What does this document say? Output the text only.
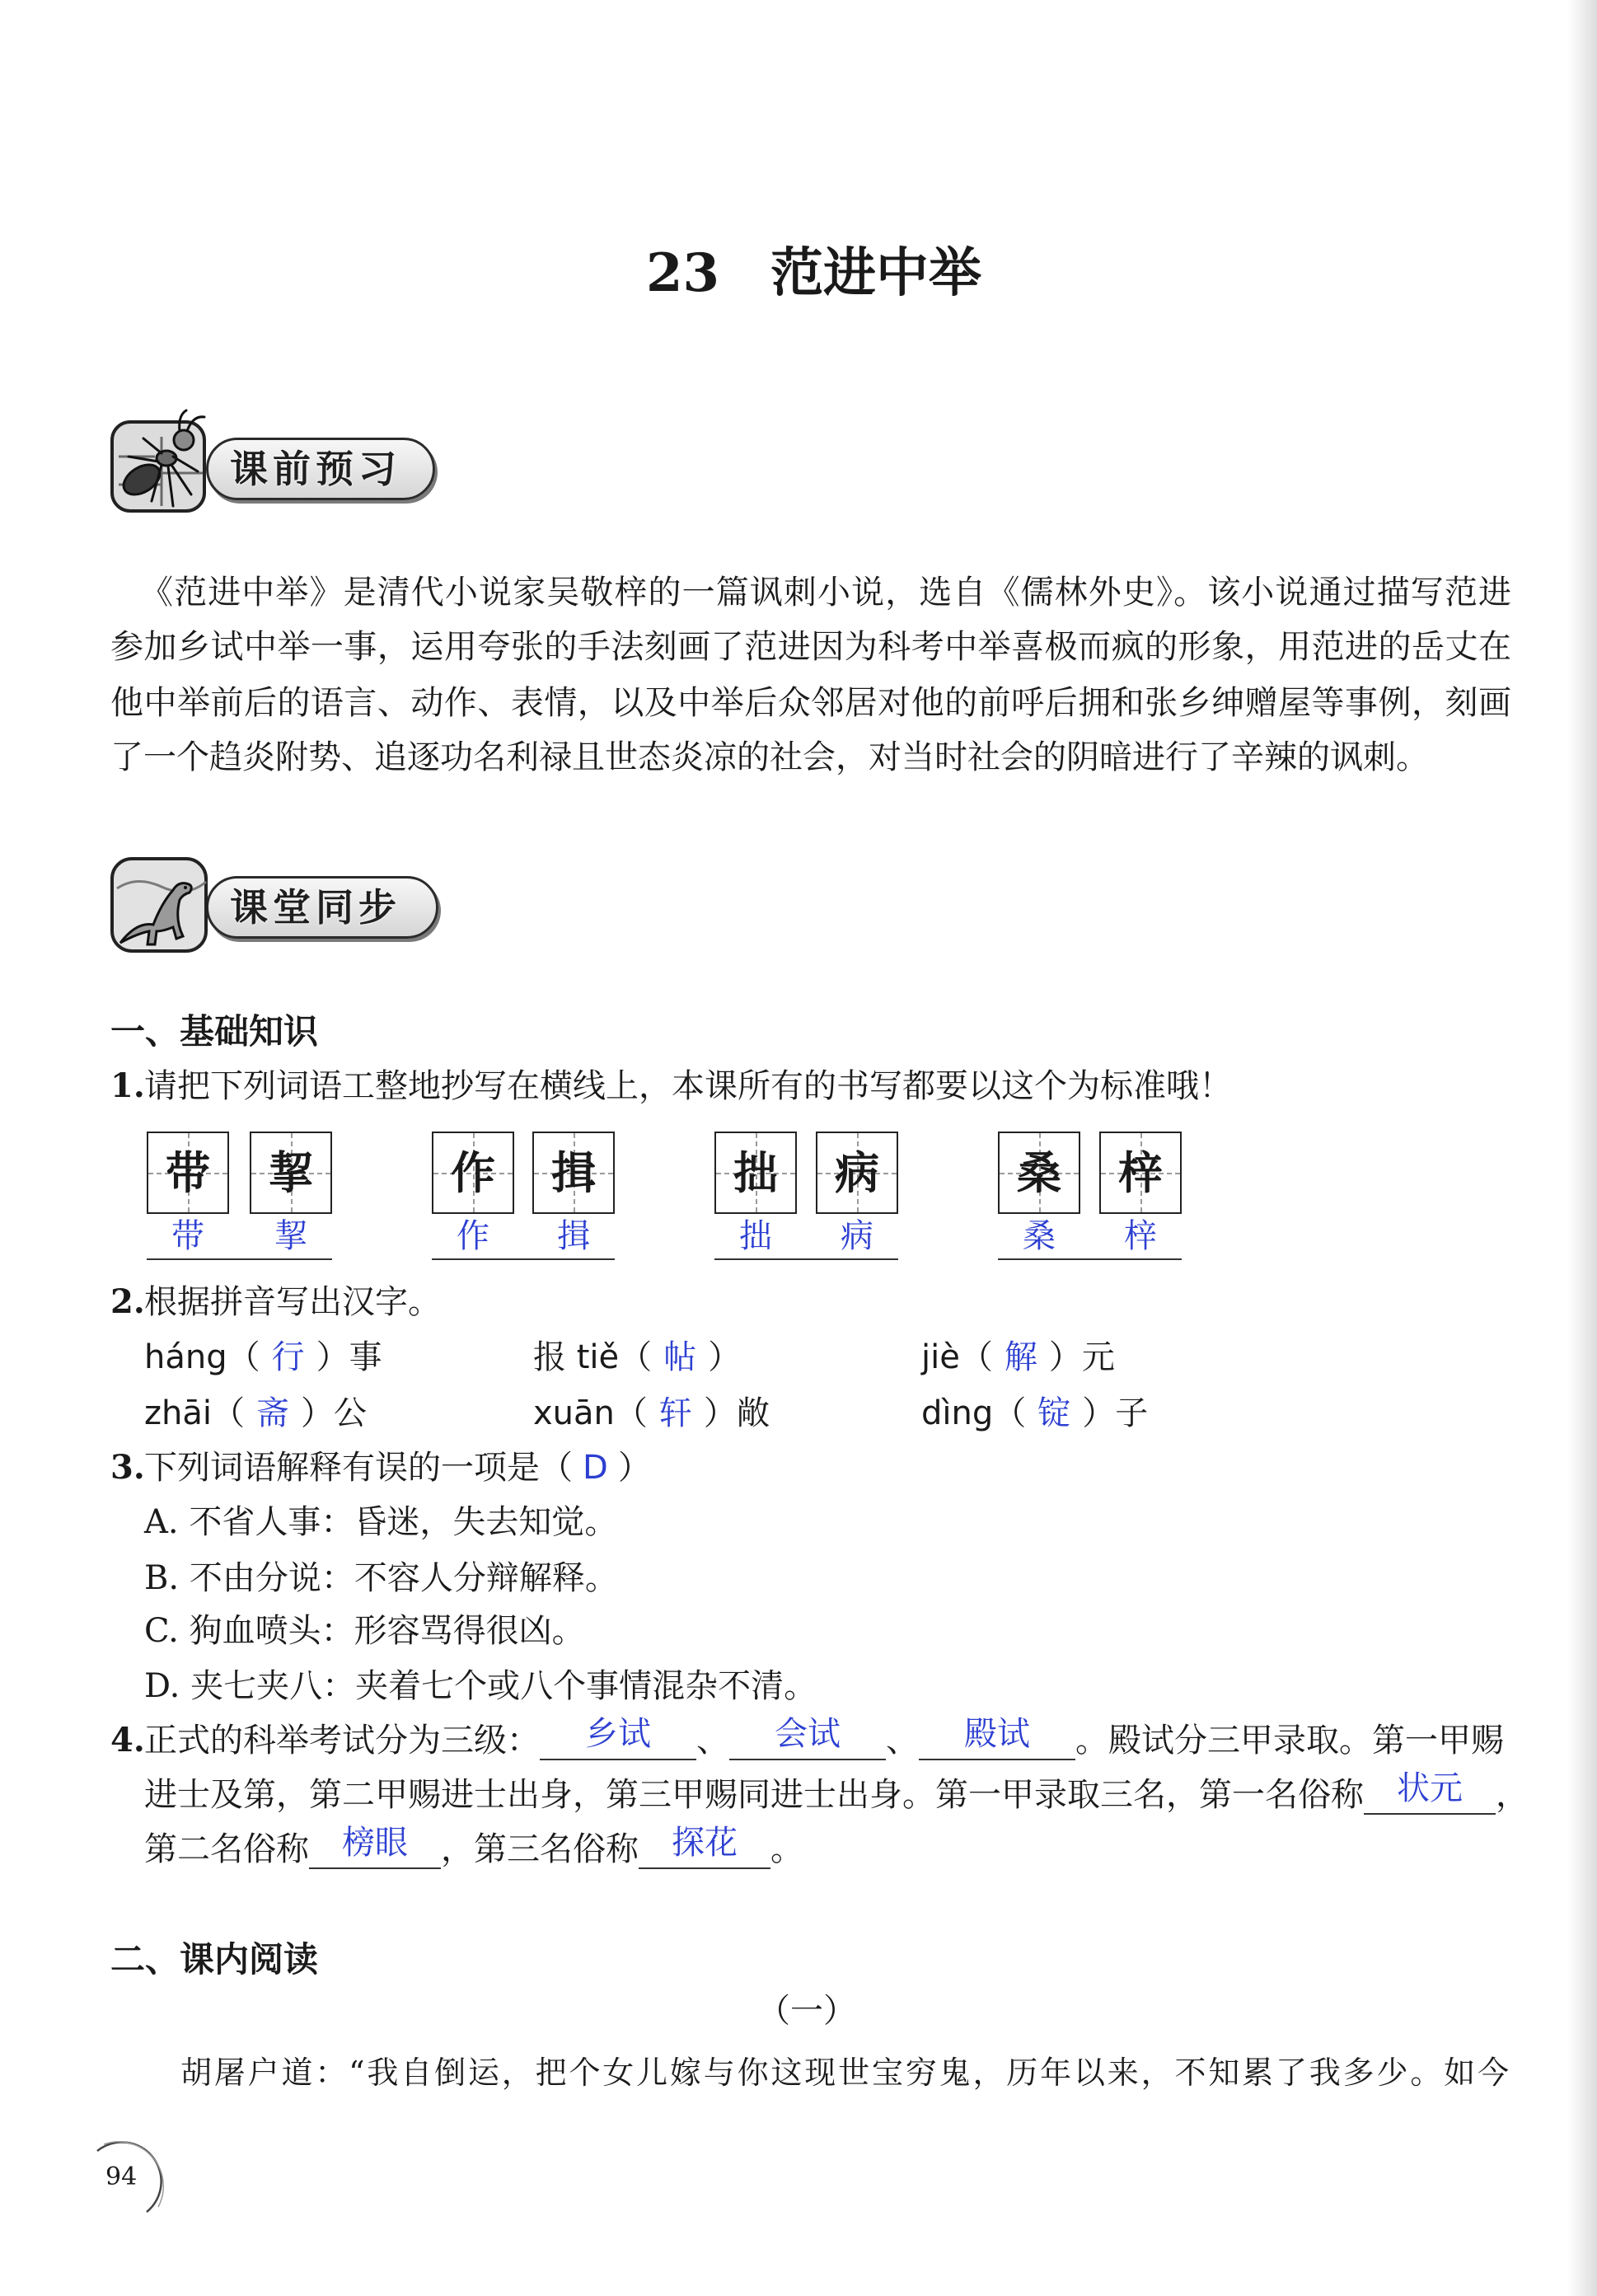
23 范进中举
课前预习
《范进中举》是清代小说家吴敬梓的一篇讽刺小说，选自《儒林外史》。该小说通过描写范进
参加乡试中举一事，运用夸张的手法刻画了范进因为科考中举喜极而疯的形象，用范进的岳丈在
他中举前后的语言、动作、表情，以及中举后众邻居对他的前呼后拥和张乡绅赠屋等事例，刻画
了一个趋炎附势、追逐功名利禄且世态炎凉的社会，对当时社会的阴暗进行了辛辣的讽刺。
课堂同步
一、基础知识
1.请把下列词语工整地抄写在横线上，本课所有的书写都要以这个为标准哦！
带	挈	作	揖	拙	病	桑	梓
带	挈	作	揖	拙	病	桑	梓
2.根据拼音写出汉字。
háng（ 行 ）事	报 tiě（ 帖 ）	jiè（ 解 ）元
zhāi（ 斋 ）公	xuān（ 轩 ）敞	dìng（ 锭 ）子
3.下列词语解释有误的一项是（ D ）
A. 不省人事：昏迷，失去知觉。
B. 不由分说：不容人分辩解释。
C. 狗血喷头：形容骂得很凶。
D. 夹七夹八：夹着七个或八个事情混杂不清。
4.正式的科举考试分为三级： 乡试 、 会试 、 殿试 。殿试分三甲录取。第一甲赐
进士及第，第二甲赐进士出身，第三甲赐同进士出身。第一甲录取三名，第一名俗称 状元 ，
第二名俗称 榜眼 ，第三名俗称 探花 。
二、课内阅读
（一）
胡屠户道：“我自倒运，把个女儿嫁与你这现世宝穷鬼，历年以来，不知累了我多少。如今
94
